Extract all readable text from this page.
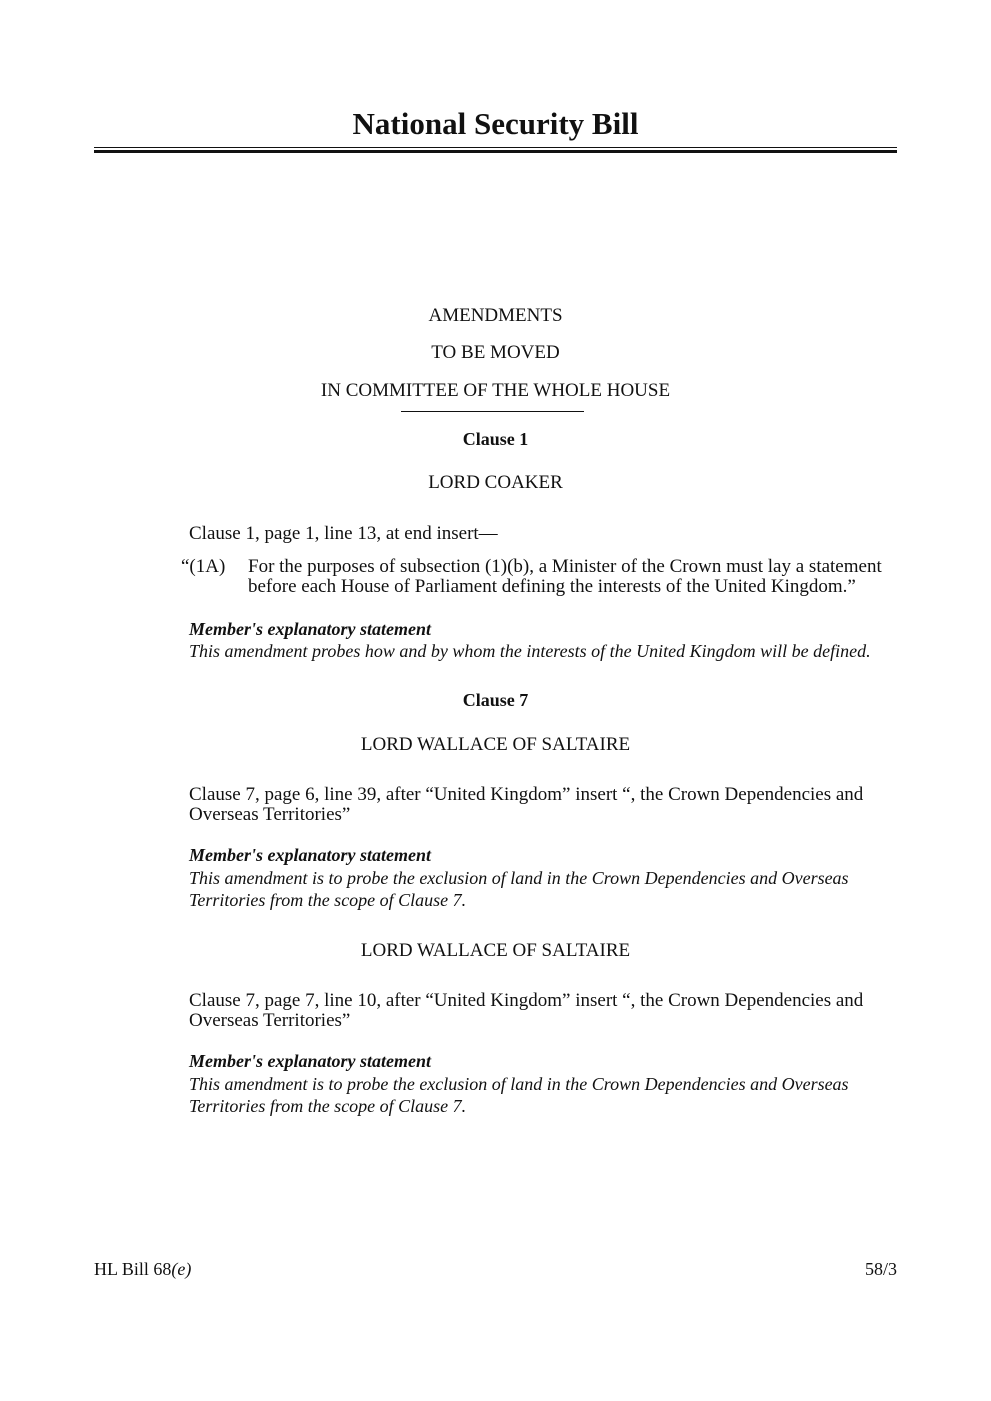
National Security Bill
AMENDMENTS
TO BE MOVED
IN COMMITTEE OF THE WHOLE HOUSE
Clause 1
LORD COAKER
Clause 1, page 1, line 13, at end insert—
“(1A) For the purposes of subsection (1)(b), a Minister of the Crown must lay a statement
before each House of Parliament defining the interests of the United Kingdom.”
Member's explanatory statement
This amendment probes how and by whom the interests of the United Kingdom will be defined.
Clause 7
LORD WALLACE OF SALTAIRE
Clause 7, page 6, line 39, after “United Kingdom” insert “, the Crown Dependencies and
Overseas Territories”
Member's explanatory statement
This amendment is to probe the exclusion of land in the Crown Dependencies and Overseas
Territories from the scope of Clause 7.
LORD WALLACE OF SALTAIRE
Clause 7, page 7, line 10, after “United Kingdom” insert “, the Crown Dependencies and
Overseas Territories”
Member's explanatory statement
This amendment is to probe the exclusion of land in the Crown Dependencies and Overseas
Territories from the scope of Clause 7.
HL Bill 68(e)	58/3
